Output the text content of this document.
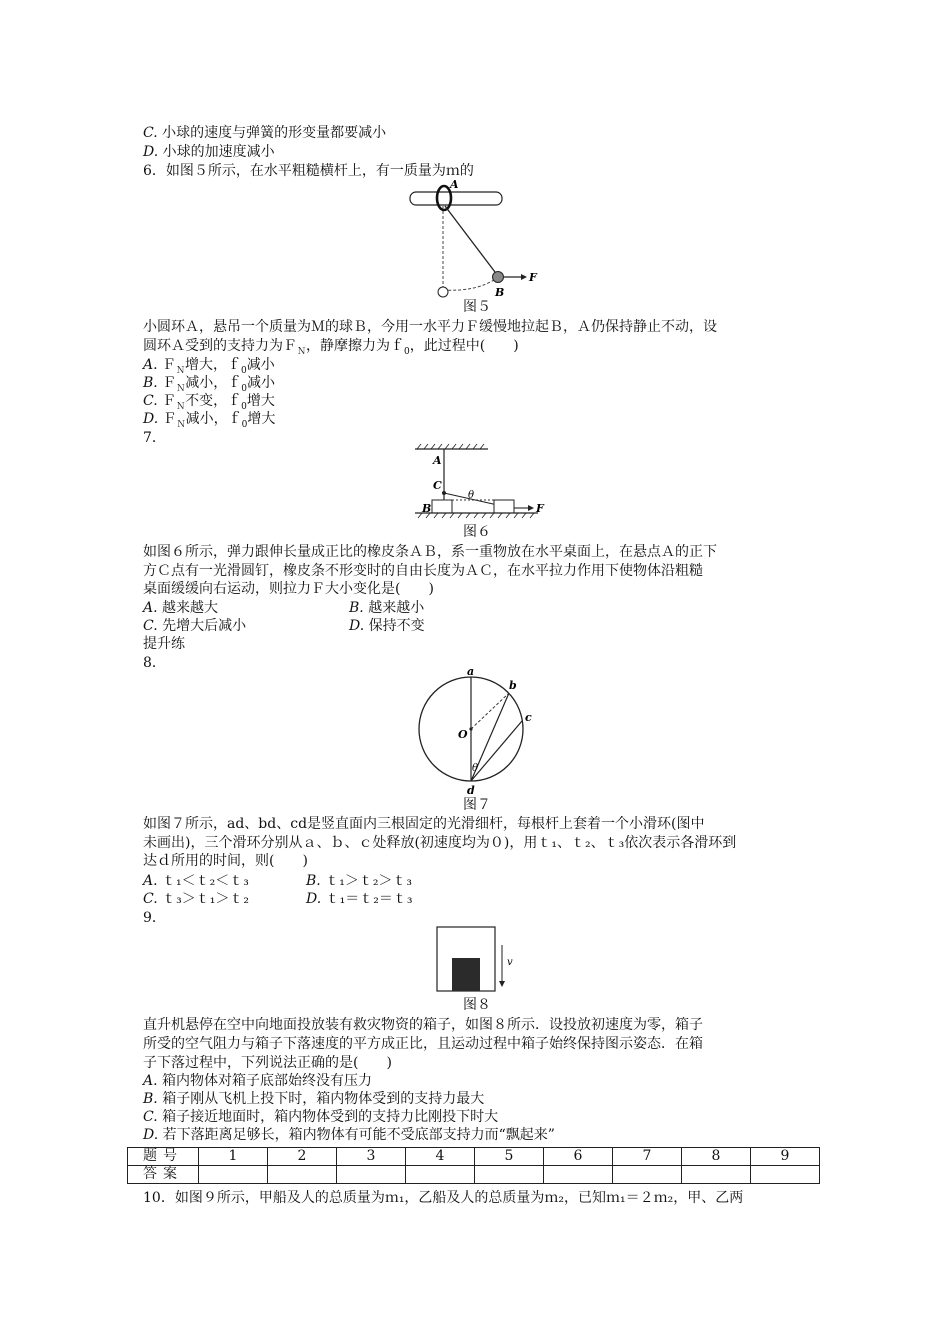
C. 小球的速度与弹簧的形变量都要减小
D. 小球的加速度减小
6．如图５所示，在水平粗糙横杆上，有一质量为ｍ的
A
B
F
图５
小圆环Ａ，悬吊一个质量为Ｍ的球Ｂ，今用一水平力Ｆ缓慢地拉起Ｂ，Ａ仍保持静止不动，设
圆环Ａ受到的支持力为Ｆ$_N$，静摩擦力为ｆ$_0$，此过程中(　　)
A. Ｆ$_N$增大，ｆ$_0$减小
B. Ｆ$_N$减小，ｆ$_0$减小
C. Ｆ$_N$不变，ｆ$_0$增大
D. Ｆ$_N$减小，ｆ$_0$增大
7．
A
C
B
θ
F
图６
如图６所示，弹力跟伸长量成正比的橡皮条ＡＢ，系一重物放在水平桌面上，在悬点Ａ的正下
方Ｃ点有一光滑圆钉，橡皮条不形变时的自由长度为ＡＣ，在水平拉力作用下使物体沿粗糙
桌面缓缓向右运动，则拉力Ｆ大小变化是(　　)
A. 越来越大	B. 越来越小
C. 先增大后减小	D. 保持不变
提升练
8．
a
b
c
d
O
θ
图７
如图７所示，ad、bd、cd是竖直面内三根固定的光滑细杆，每根杆上套着一个小滑环(图中
未画出)，三个滑环分别从ａ、ｂ、ｃ处释放(初速度均为０)，用ｔ₁、ｔ₂、ｔ₃依次表示各滑环到
达ｄ所用的时间，则(　　)
A. ｔ₁＜ｔ₂＜ｔ₃	B. ｔ₁＞ｔ₂＞ｔ₃
C. ｔ₃＞ｔ₁＞ｔ₂	D. ｔ₁＝ｔ₂＝ｔ₃
9．
v
图８
直升机悬停在空中向地面投放装有救灾物资的箱子，如图８所示．设投放初速度为零，箱子
所受的空气阻力与箱子下落速度的平方成正比，且运动过程中箱子始终保持图示姿态．在箱
子下落过程中，下列说法正确的是(　　)
A. 箱内物体对箱子底部始终没有压力
B. 箱子刚从飞机上投下时，箱内物体受到的支持力最大
C. 箱子接近地面时，箱内物体受到的支持力比刚投下时大
D. 若下落距离足够长，箱内物体有可能不受底部支持力而“飘起来”
题号	1	2	3	4	5	6	7	8	9
答案									
10．如图９所示，甲船及人的总质量为ｍ₁，乙船及人的总质量为ｍ₂，已知ｍ₁＝２ｍ₂，甲、乙两
